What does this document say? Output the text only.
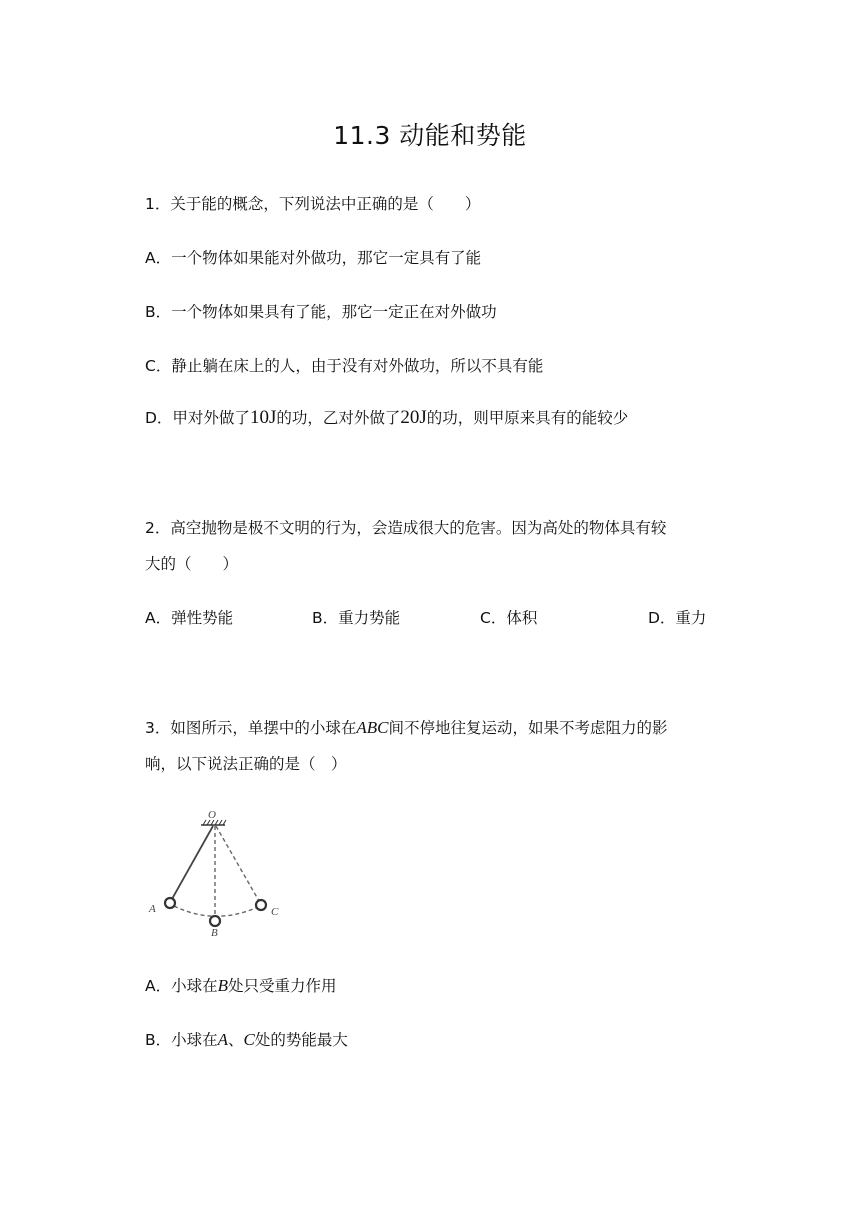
11.3 动能和势能
1．关于能的概念，下列说法中正确的是（　　）
A．一个物体如果能对外做功，那它一定具有了能
B．一个物体如果具有了能，那它一定正在对外做功
C．静止躺在床上的人，由于没有对外做功，所以不具有能
D．甲对外做了10J的功，乙对外做了20J的功，则甲原来具有的能较少
2．高空抛物是极不文明的行为，会造成很大的危害。因为高处的物体具有较
大的（　　）
A．弹性势能	B．重力势能	C．体积	D．重力
3．如图所示，单摆中的小球在ABC间不停地往复运动，如果不考虑阻力的影
响，以下说法正确的是（　）
O
A
B
C
A．小球在B处只受重力作用
B．小球在A、C处的势能最大
